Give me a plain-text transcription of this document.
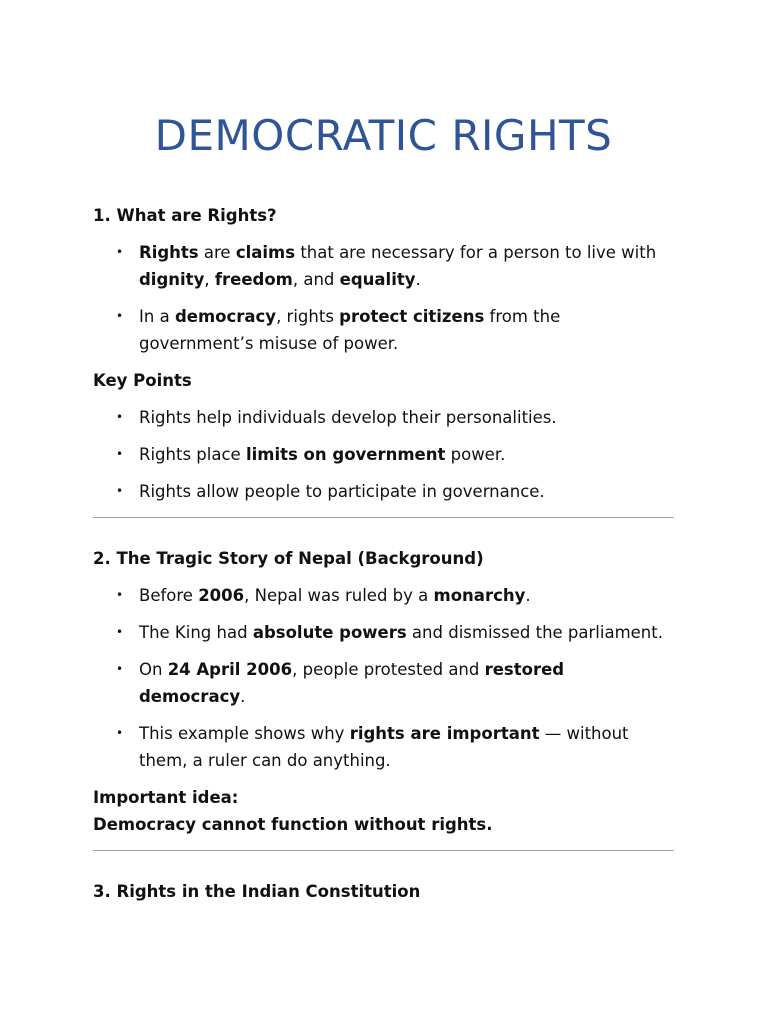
DEMOCRATIC RIGHTS

1. What are Rights?

• Rights are claims that are necessary for a person to live with dignity, freedom, and equality.
• In a democracy, rights protect citizens from the government’s misuse of power.

Key Points

• Rights help individuals develop their personalities.
• Rights place limits on government power.
• Rights allow people to participate in governance.

2. The Tragic Story of Nepal (Background)

• Before 2006, Nepal was ruled by a monarchy.
• The King had absolute powers and dismissed the parliament.
• On 24 April 2006, people protested and restored democracy.
• This example shows why rights are important — without them, a ruler can do anything.
Important idea:
Democracy cannot function without rights.

3. Rights in the Indian Constitution
